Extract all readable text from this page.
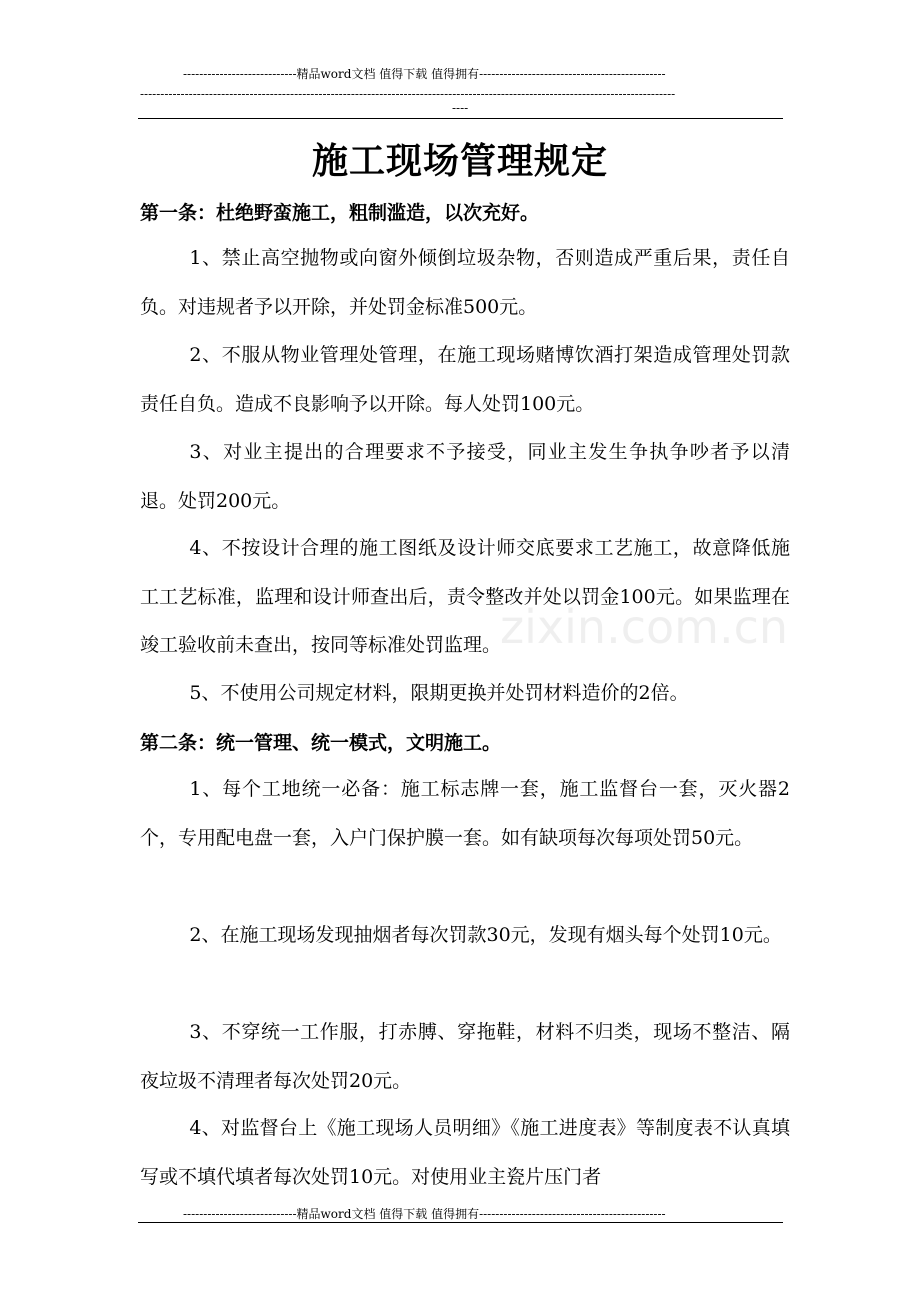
----------------------------精品word文档 值得下载 值得拥有----------------------------------------------
------------------------------------------------------------------------------------------------------------------------------------
----
施工现场管理规定
第一条：杜绝野蛮施工，粗制滥造，以次充好。
1、禁止高空抛物或向窗外倾倒垃圾杂物，否则造成严重后果，责任自负。对违规者予以开除，并处罚金标准500元。
2、不服从物业管理处管理，在施工现场赌博饮酒打架造成管理处罚款责任自负。造成不良影响予以开除。每人处罚100元。
3、对业主提出的合理要求不予接受，同业主发生争执争吵者予以清退。处罚200元。
4、不按设计合理的施工图纸及设计师交底要求工艺施工，故意降低施工工艺标准，监理和设计师查出后，责令整改并处以罚金100元。如果监理在竣工验收前未查出，按同等标准处罚监理。
5、不使用公司规定材料，限期更换并处罚材料造价的2倍。
第二条：统一管理、统一模式，文明施工。
1、每个工地统一必备：施工标志牌一套，施工监督台一套，灭火器2个，专用配电盘一套，入户门保护膜一套。如有缺项每次每项处罚50元。
2、在施工现场发现抽烟者每次罚款30元，发现有烟头每个处罚10元。
3、不穿统一工作服，打赤膊、穿拖鞋，材料不归类，现场不整洁、隔夜垃圾不清理者每次处罚20元。
4、对监督台上《施工现场人员明细》《施工进度表》等制度表不认真填写或不填代填者每次处罚10元。对使用业主瓷片压门者
zixin.com.cn
----------------------------精品word文档 值得下载 值得拥有----------------------------------------------
